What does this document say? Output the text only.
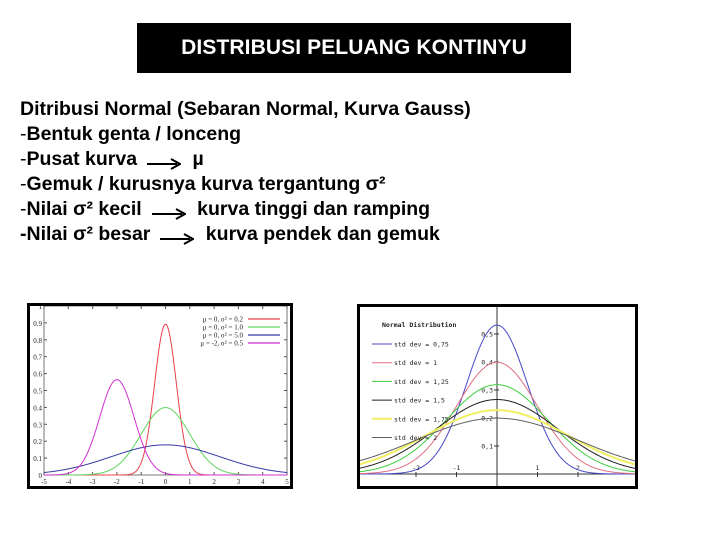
DISTRIBUSI PELUANG KONTINYU
Ditribusi Normal (Sebaran Normal, Kurva Gauss)
-Bentuk genta / lonceng
-Pusat kurva	µ
-Gemuk / kurusnya kurva tergantung σ²
-Nilai σ² kecil	kurva tinggi dan ramping
-Nilai σ² besar	kurva pendek dan gemuk
0
0.1
0.2
0.3
0.4
0.5
0.6
0.7
0.8
0.9
1
-5	-4	-3	-2	-1	0	1	2	3	4	5
μ = 0, σ² = 0.2
μ = 0, σ² = 1.0
μ = 0, σ² = 5.0
μ = -2, σ² = 0.5
-2	-1	1	2
0,1
0,2
0,3
0,4
0,5
Normal Distribution
std dev = 0,75
std dev = 1
std dev = 1,25
std dev = 1,5
std dev = 1,75
std dev = 2
